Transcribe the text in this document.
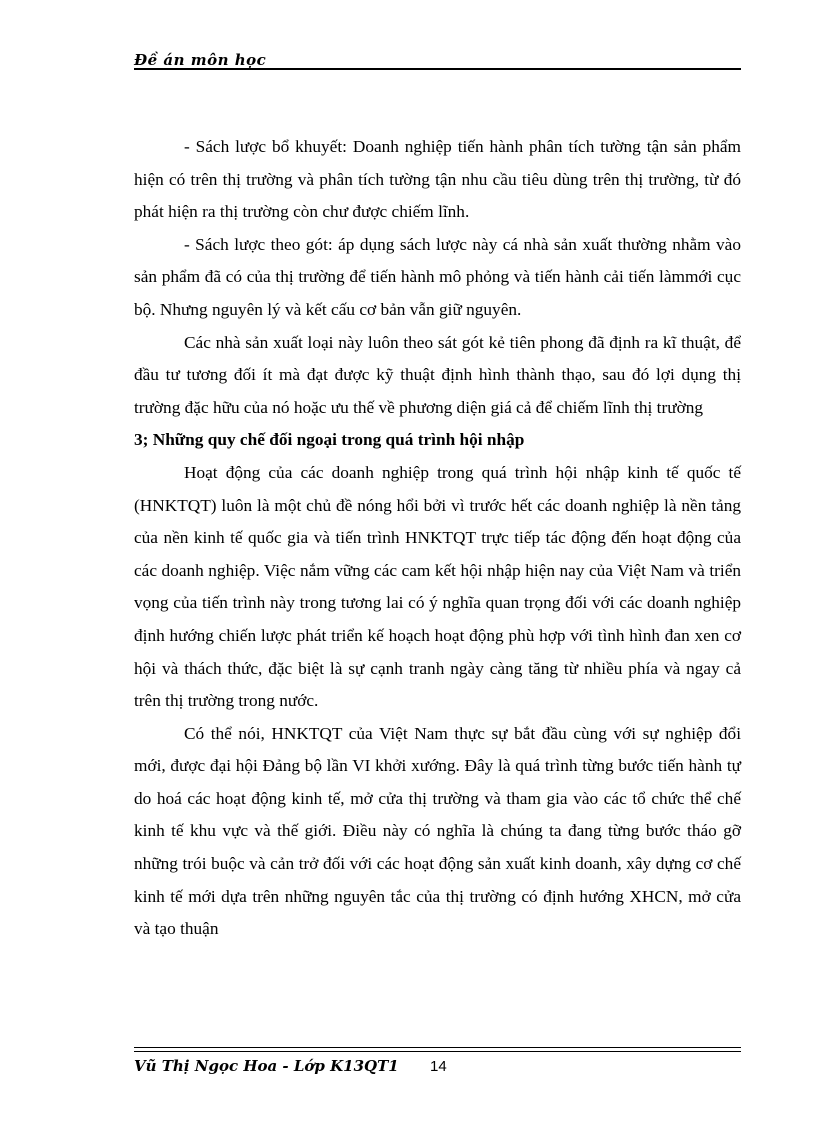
Đề án môn học

- Sách lược bổ khuyết: Doanh nghiệp tiến hành phân tích tường tận sản phẩm hiện có trên thị trường và phân tích tường tận nhu cầu tiêu dùng trên thị trường, từ đó phát hiện ra thị trường còn chư được chiếm lĩnh.

- Sách lược theo gót: áp dụng sách lược này cá nhà sản xuất thường nhằm vào sản phẩm đã có của thị trường để tiến hành mô phỏng và tiến hành cải tiến làmmới cục bộ. Nhưng nguyên lý và kết cấu cơ bản vẫn giữ nguyên.

Các nhà sản xuất loại này luôn theo sát gót kẻ tiên phong đã định ra kĩ thuật, để đầu tư tương đối ít mà đạt được kỹ thuật định hình thành thạo, sau đó lợi dụng thị trường đặc hữu của nó hoặc ưu thế về phương diện giá cả để chiếm lĩnh thị trường

3; Những quy chế đối ngoại trong quá trình hội nhập

Hoạt động của các doanh nghiệp trong quá trình hội nhập kinh tế quốc tế (HNKTQT) luôn là một chủ đề nóng hổi bởi vì trước hết các doanh nghiệp là nền tảng của nền kinh tế quốc gia và tiến trình HNKTQT trực tiếp tác động đến hoạt động của các doanh nghiệp. Việc nắm vững các cam kết hội nhập hiện nay của Việt Nam và triển vọng của tiến trình này trong tương lai có ý nghĩa quan trọng đối với các doanh nghiệp định hướng chiến lược phát triển kế hoạch hoạt động phù hợp với tình hình đan xen cơ hội và thách thức, đặc biệt là sự cạnh tranh ngày càng tăng từ nhiều phía và ngay cả trên thị trường trong nước.

Có thể nói, HNKTQT của Việt Nam thực sự bắt đầu cùng với sự nghiệp đổi mới, được đại hội Đảng bộ lần VI khởi xướng. Đây là quá trình từng bước tiến hành tự do hoá các hoạt động kinh tế, mở cửa thị trường và tham gia vào các tổ chức thể chế kinh tế khu vực và thế giới. Điều này có nghĩa là chúng ta đang từng bước tháo gỡ những trói buộc và cản trở đối với các hoạt động sản xuất kinh doanh, xây dựng cơ chế kinh tế mới dựa trên những nguyên tắc của thị trường có định hướng XHCN, mở cửa và tạo thuận

Vũ Thị Ngọc Hoa - Lớp K13QT1 14
